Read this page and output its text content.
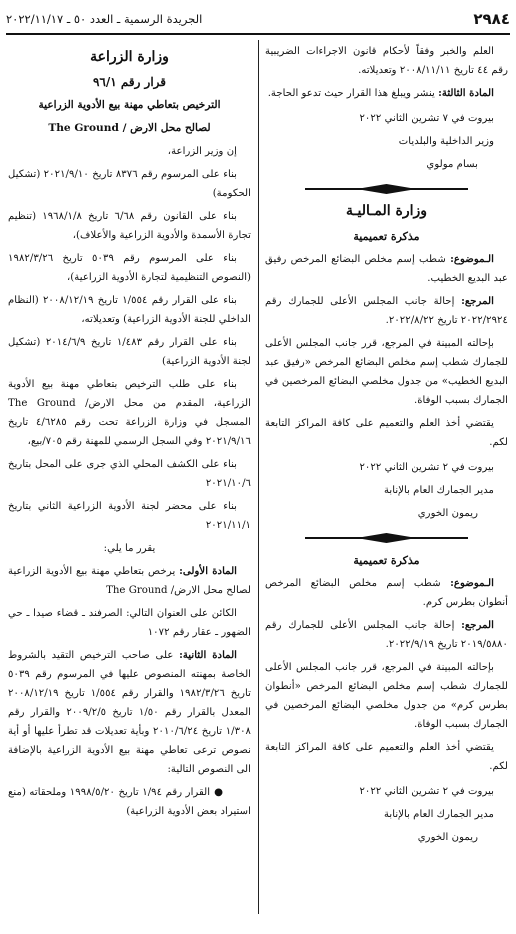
٢٩٨٤
الجريدة الرسمية ـ العدد ٥٠ ـ ٢٠٢٢/١١/١٧

العلم والخبر وفقاً لأحكام قانون الاجراءات الضريبية رقم ٤٤ تاريخ ٢٠٠٨/١١/١١ وتعديلاته.

المادة الثالثة: ينشر ويبلغ هذا القرار حيث تدعو الحاجة.

بيروت في ٧ تشرين الثاني ٢٠٢٢

وزير الداخلية والبلديات

بسام مولوي

وزارة المـاليـة
مذكرة تعميمية

الـموضوع: شطب إسم مخلص البضائع المرخص رفيق عبد البديع الخطيب.

المرجع: إحالة جانب المجلس الأعلى للجمارك رقم ٢٠٢٢/٢٩٢٤ تاريخ ٢٠٢٢/٨/٢٢.

بإحالته المبينة في المرجع، قرر جانب المجلس الأعلى للجمارك شطب إسم مخلص البضائع المرخص «رفيق عبد البديع الخطيب» من جدول مخلصي البضائع المرخصين في الجمارك بسبب الوفاة.

يقتضي أخذ العلم والتعميم على كافة المراكز التابعة لكم.

بيروت في ٢ تشرين الثاني ٢٠٢٢

مدير الجمارك العام بالإنابة

ريمون الخوري

مذكرة تعميمية

الـموضوع: شطب إسم مخلص البضائع المرخص أنطوان بطرس كرم.

المرجع: إحالة جانب المجلس الأعلى للجمارك رقم ٢٠١٩/٥٨٨٠ تاريخ ٢٠٢٢/٩/١٩.

بإحالته المبينة في المرجع، قرر جانب المجلس الأعلى للجمارك شطب إسم مخلص البضائع المرخص «أنطوان بطرس كرم» من جدول مخلصي البضائع المرخصين في الجمارك بسبب الوفاة.

يقتضي أخذ العلم والتعميم على كافة المراكز التابعة لكم.

بيروت في ٢ تشرين الثاني ٢٠٢٢

مدير الجمارك العام بالإنابة

ريمون الخوري

وزارة الزراعة
قرار رقم ٩٦/١
الترخيص بتعاطي مهنة بيع الأدوية الزراعية
لصالح محل الارض / The Ground

إن وزير الزراعة،

بناء على المرسوم رقم ٨٣٧٦ تاريخ ٢٠٢١/٩/١٠ (تشكيل الحكومة)

بناء على القانون رقم ٦/٦٨ تاريخ ١٩٦٨/١/٨ (تنظيم تجارة الأسمدة والأدوية الزراعية والأعلاف)،

بناء على المرسوم رقم ٥٠٣٩ تاريخ ١٩٨٢/٣/٢٦ (النصوص التنظيمية لتجارة الأدوية الزراعية)،

بناء على القرار رقم ١/٥٥٤ تاريخ ٢٠٠٨/١٢/١٩ (النظام الداخلي للجنة الأدوية الزراعية) وتعديلاته،

بناء على القرار رقم ١/٤٨٣ تاريخ ٢٠١٤/٦/٩ (تشكيل لجنة الأدوية الزراعية)

بناء على طلب الترخيص بتعاطي مهنة بيع الأدوية الزراعية، المقدم من محل الارض/ The Ground المسجل في وزارة الزراعة تحت رقم ٤/٦٢٨٥ تاريخ ٢٠٢١/٩/١٦ وفي السجل الرسمي للمهنة رقم ٧٠٥/بيع،

بناء على الكشف المحلي الذي جرى على المحل بتاريخ ٢٠٢١/١٠/٦

بناء على محضر لجنة الأدوية الزراعية الثاني بتاريخ ٢٠٢١/١١/١

يقرر ما يلي:

المادة الأولى: يرخص بتعاطي مهنة بيع الأدوية الزراعية لصالح محل الارض/ The Ground

الكائن على العنوان التالي: الصرفند ـ قضاء صيدا ـ حي الضهور ـ عقار رقم ١٠٧٢

المادة الثانية: على صاحب الترخيص التقيد بالشروط الخاصة بمهنته المنصوص عليها في المرسوم رقم ٥٠٣٩ تاريخ ١٩٨٢/٣/٢٦ والقرار رقم ١/٥٥٤ تاريخ ٢٠٠٨/١٢/١٩ المعدل بالقرار رقم ١/٥٠ تاريخ ٢٠٠٩/٢/٥ والقرار رقم ١/٣٠٨ تاريخ ٢٠١٠/٦/٢٤ وبأية تعديلات قد تطرأ عليها أو أية نصوص ترعى تعاطي مهنة بيع الأدوية الزراعية بالإضافة الى النصوص التالية:

●القرار رقم ١/٩٤ تاريخ ١٩٩٨/٥/٢٠ وملحقاته (منع استيراد بعض الأدوية الزراعية)
